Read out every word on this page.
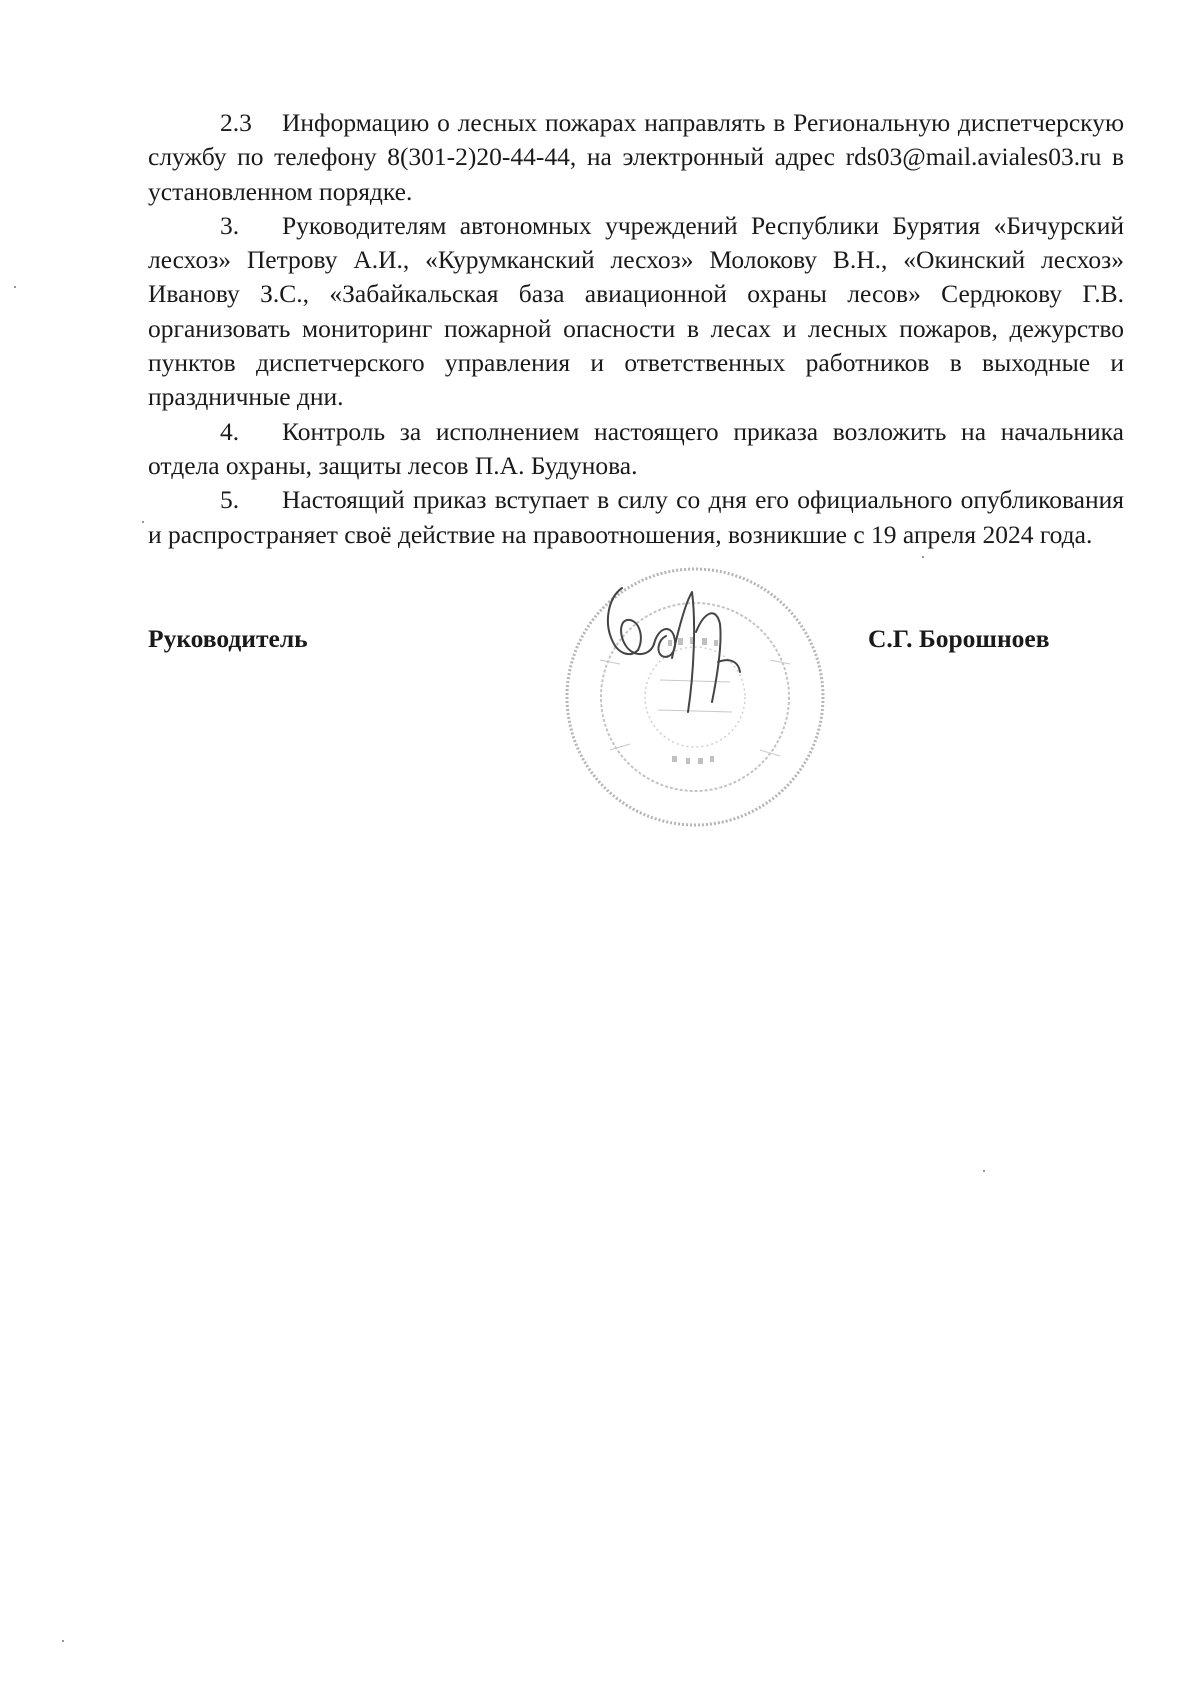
2.3 Информацию о лесных пожарах направлять в Региональную диспетчерскую службу по телефону 8(301-2)20-44-44, на электронный адрес rds03@mail.aviales03.ru в установленном порядке.

3. Руководителям автономных учреждений Республики Бурятия «Бичурский лесхоз» Петрову А.И., «Курумканский лесхоз» Молокову В.Н., «Окинский лесхоз» Иванову З.С., «Забайкальская база авиационной охраны лесов» Сердюкову Г.В. организовать мониторинг пожарной опасности в лесах и лесных пожаров, дежурство пунктов диспетчерского управления и ответственных работников в выходные и праздничные дни.

4. Контроль за исполнением настоящего приказа возложить на начальника отдела охраны, защиты лесов П.А. Будунова.

5. Настоящий приказ вступает в силу со дня его официального опубликования и распространяет своё действие на правоотношения, возникшие с 19 апреля 2024 года.

Руководитель	С.Г. Борошноев
